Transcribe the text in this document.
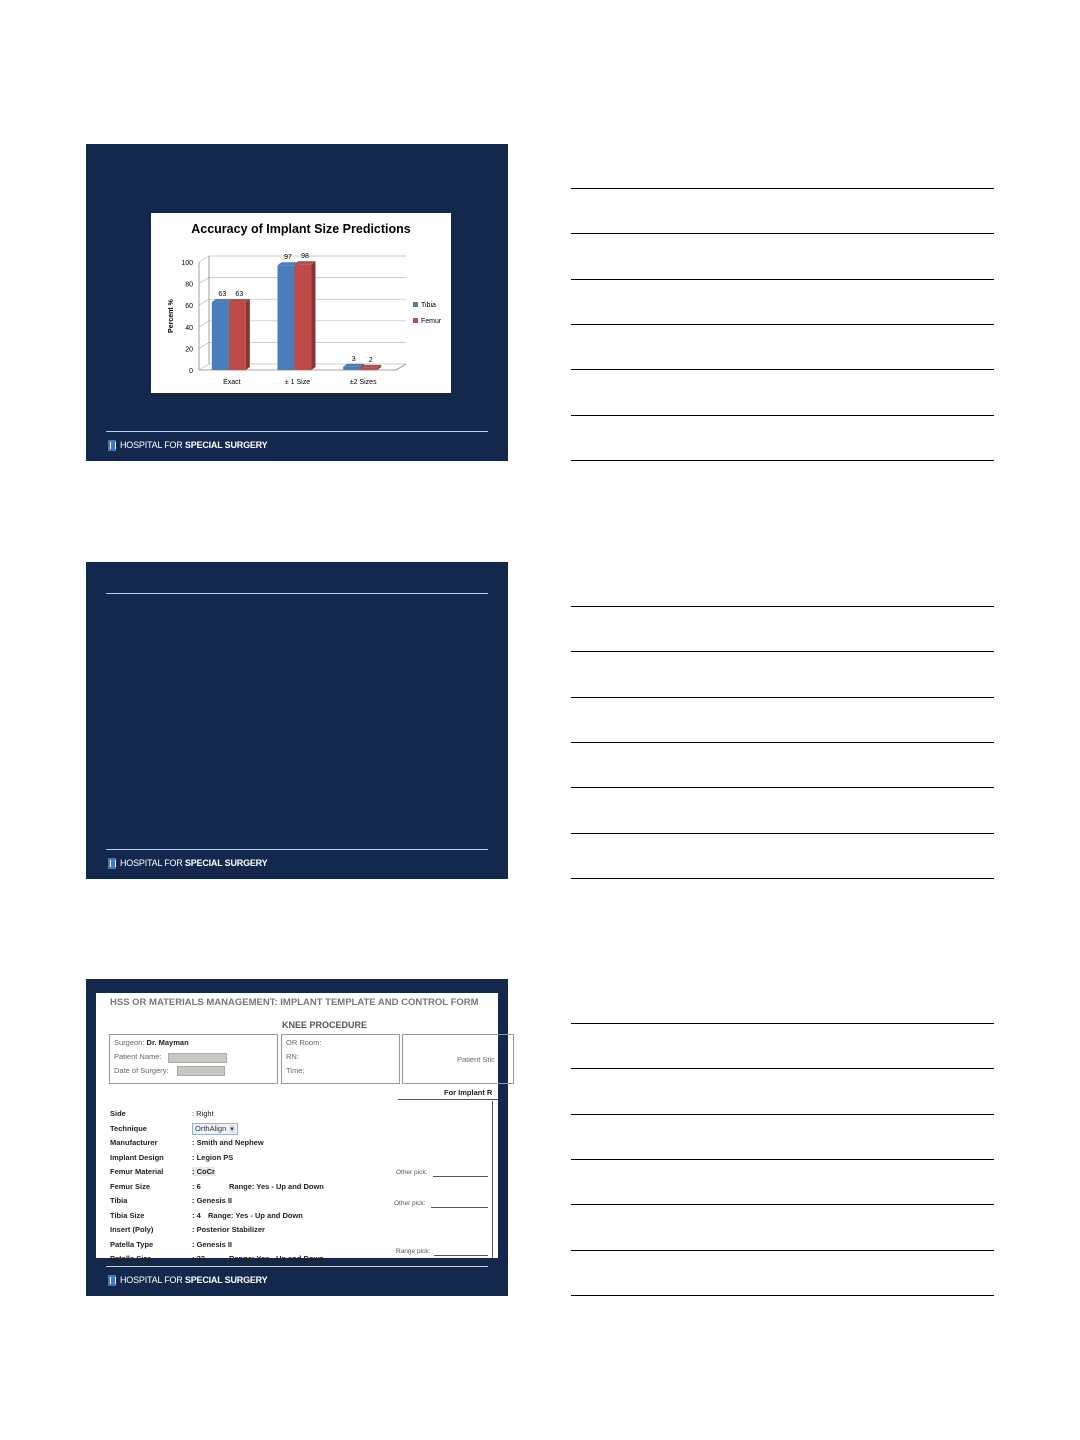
Accuracy of Implant Size Predictions
0
20
40
60
80
100
Percent %
63 63
Exact
97 98
± 1 Size
3 2
±2 Sizes
Tibia
Femur
HOSPITAL FOR SPECIAL SURGERY
HOSPITAL FOR SPECIAL SURGERY
HSS OR MATERIALS MANAGEMENT: IMPLANT TEMPLATE AND CONTROL FORM
KNEE PROCEDURE
Surgeon: Dr. Mayman
Patient Name:
Date of Surgery:
OR Room:
RN:
Time:
Patient Stic
For Implant R
Side	: Right
Technique	OrthAlign ▾
Manufacturer	: Smith and Nephew
Implant Design	: Legion PS
Femur Material	: CoCr
Femur Size	: 6	Range: Yes - Up and Down
Tibia	: Genesis II
Tibia Size	: 4 Range: Yes - Up and Down
Insert (Poly)	: Posterior Stabilizer
Patella Type	: Genesis II
Patella Size	: 32	Range: Yes - Up and Down
Other pick:
Other pick:
Range pick:
HOSPITAL FOR SPECIAL SURGERY
